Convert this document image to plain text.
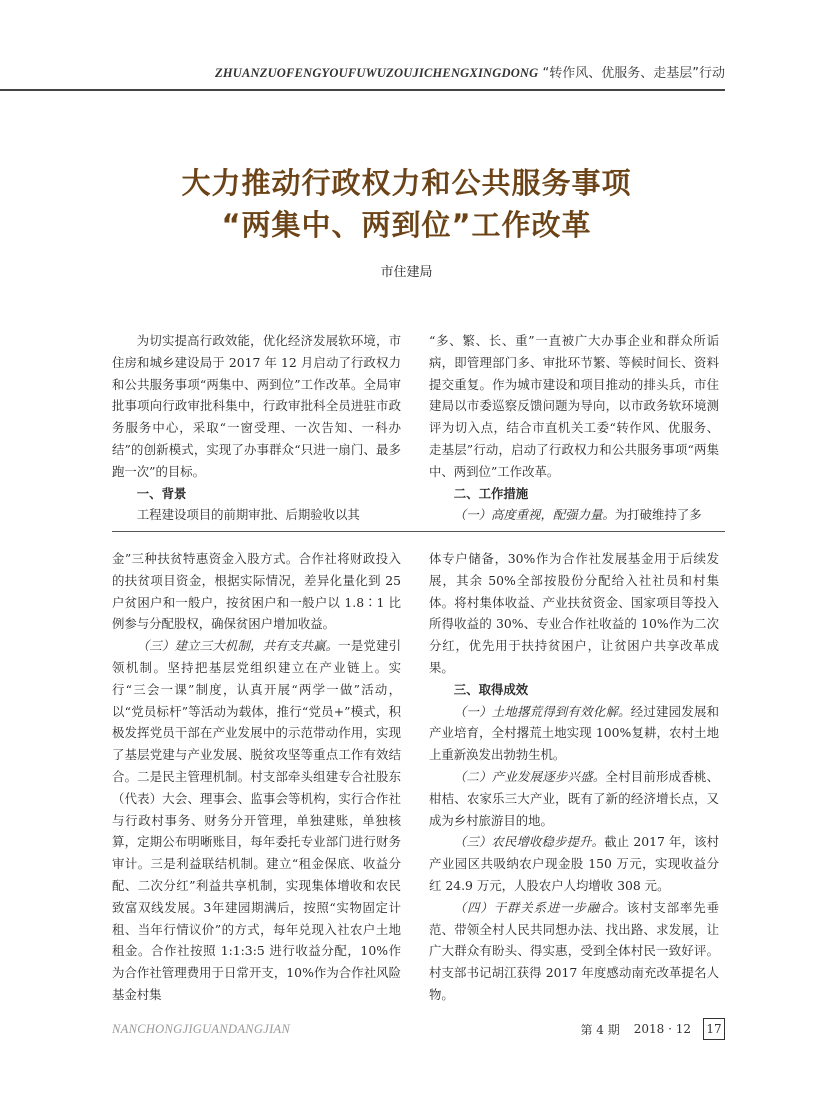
ZHUANZUOFENGYOUFUWUZOUJICHENGXINGDONG “转作风、优服务、走基层”行动
大力推动行政权力和公共服务事项
“两集中、两到位”工作改革
市住建局

为切实提高行政效能，优化经济发展软环境，市住房和城乡建设局于 2017 年 12 月启动了行政权力和公共服务事项“两集中、两到位”工作改革。全局审批事项向行政审批科集中，行政审批科全员进驻市政务服务中心，采取“一窗受理、一次告知、一科办结”的创新模式，实现了办事群众“只进一扇门、最多跑一次”的目标。

一、背景

工程建设项目的前期审批、后期验收以其

“多、繁、长、重”一直被广大办事企业和群众所诟病，即管理部门多、审批环节繁、等候时间长、资料提交重复。作为城市建设和项目推动的排头兵，市住建局以市委巡察反馈问题为导向，以市政务软环境测评为切入点，结合市直机关工委“转作风、优服务、走基层”行动，启动了行政权力和公共服务事项“两集中、两到位”工作改革。

二、工作措施

（一）高度重视，配强力量。为打破维持了多

金”三种扶贫特惠资金入股方式。合作社将财政投入的扶贫项目资金，根据实际情况，差异化量化到 25 户贫困户和一般户，按贫困户和一般户以 1.8∶1 比例参与分配股权，确保贫困户增加收益。

（三）建立三大机制，共有支共赢。一是党建引领机制。坚持把基层党组织建立在产业链上。实行“三会一课”制度，认真开展“两学一做”活动，以“党员标杆”等活动为载体，推行“党员+”模式，积极发挥党员干部在产业发展中的示范带动作用，实现了基层党建与产业发展、脱贫攻坚等重点工作有效结合。二是民主管理机制。村支部牵头组建专合社股东（代表）大会、理事会、监事会等机构，实行合作社与行政村事务、财务分开管理，单独建账，单独核算，定期公布明晰账目，每年委托专业部门进行财务审计。三是利益联结机制。建立“租金保底、收益分配、二次分红”利益共享机制，实现集体增收和农民致富双线发展。3年建园期满后，按照“实物固定计租、当年行情议价”的方式，每年兑现入社农户土地租金。合作社按照 1:1:3:5 进行收益分配，10%作为合作社管理费用于日常开支，10%作为合作社风险基金村集

体专户储备，30%作为合作社发展基金用于后续发展，其余 50%全部按股份分配给入社社员和村集体。将村集体收益、产业扶贫资金、国家项目等投入所得收益的 30%、专业合作社收益的 10%作为二次分红，优先用于扶持贫困户，让贫困户共享改革成果。

三、取得成效

（一）土地撂荒得到有效化解。经过建园发展和产业培育，全村撂荒土地实现 100%复耕，农村土地上重新涣发出勃勃生机。

（二）产业发展逐步兴盛。全村目前形成香桃、柑桔、农家乐三大产业，既有了新的经济增长点，又成为乡村旅游目的地。

（三）农民增收稳步提升。截止 2017 年，该村产业园区共吸纳农户现金股 150 万元，实现收益分红 24.9 万元，人股农户人均增收 308 元。

（四）干群关系进一步融合。该村支部率先垂范、带领全村人民共同想办法、找出路、求发展，让广大群众有盼头、得实惠，受到全体村民一致好评。村支部书记胡江获得 2017 年度感动南充改革提名人物。

NANCHONGJIGUANDANGJIAN	第 4 期 2018 · 12 17
